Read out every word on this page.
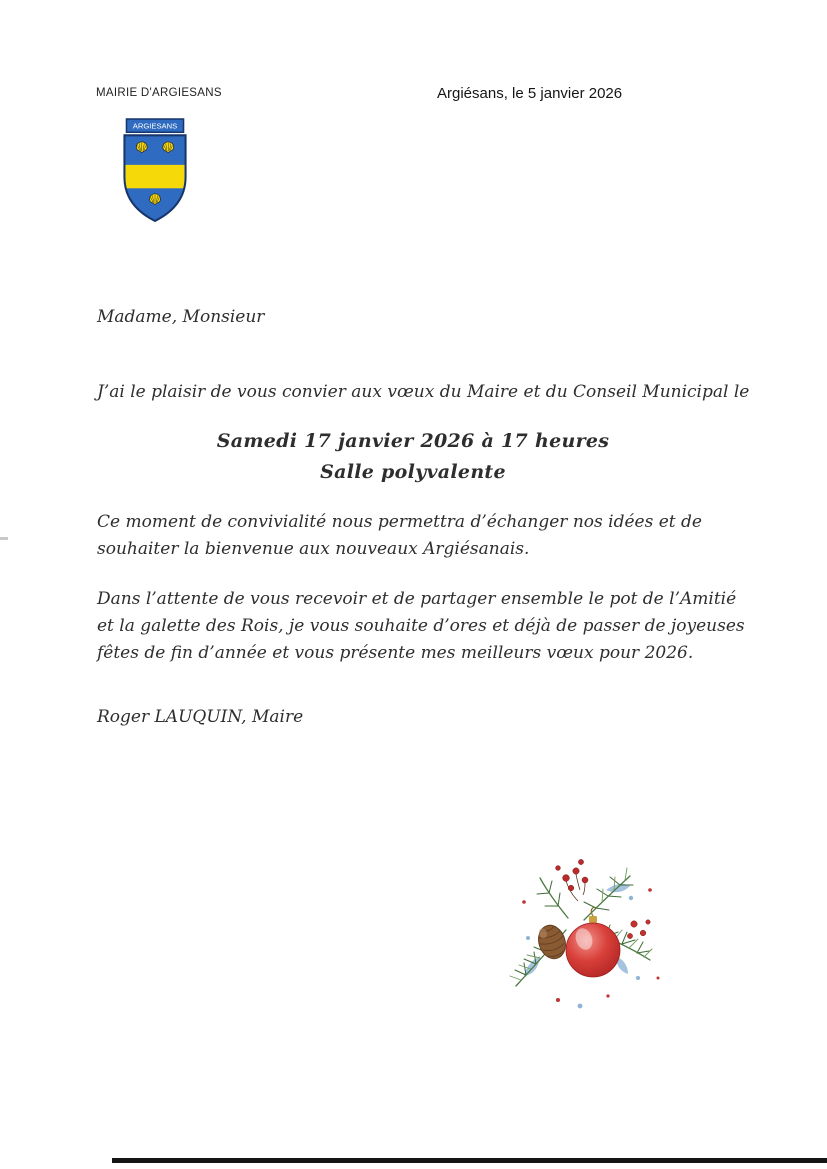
MAIRIE D'ARGIESANS	Argiésans, le 5 janvier 2026
ARGIESANS
Madame, Monsieur
J’ai le plaisir de vous convier aux vœux du Maire et du Conseil Municipal le
Samedi 17 janvier 2026 à 17 heures
Salle polyvalente
Ce moment de convivialité nous permettra d’échanger nos idées et de souhaiter la bienvenue aux nouveaux Argiésanais.
Dans l’attente de vous recevoir et de partager ensemble le pot de l’Amitié et la galette des Rois, je vous souhaite d’ores et déjà de passer de joyeuses fêtes de fin d’année et vous présente mes meilleurs vœux pour 2026.
Roger LAUQUIN, Maire
